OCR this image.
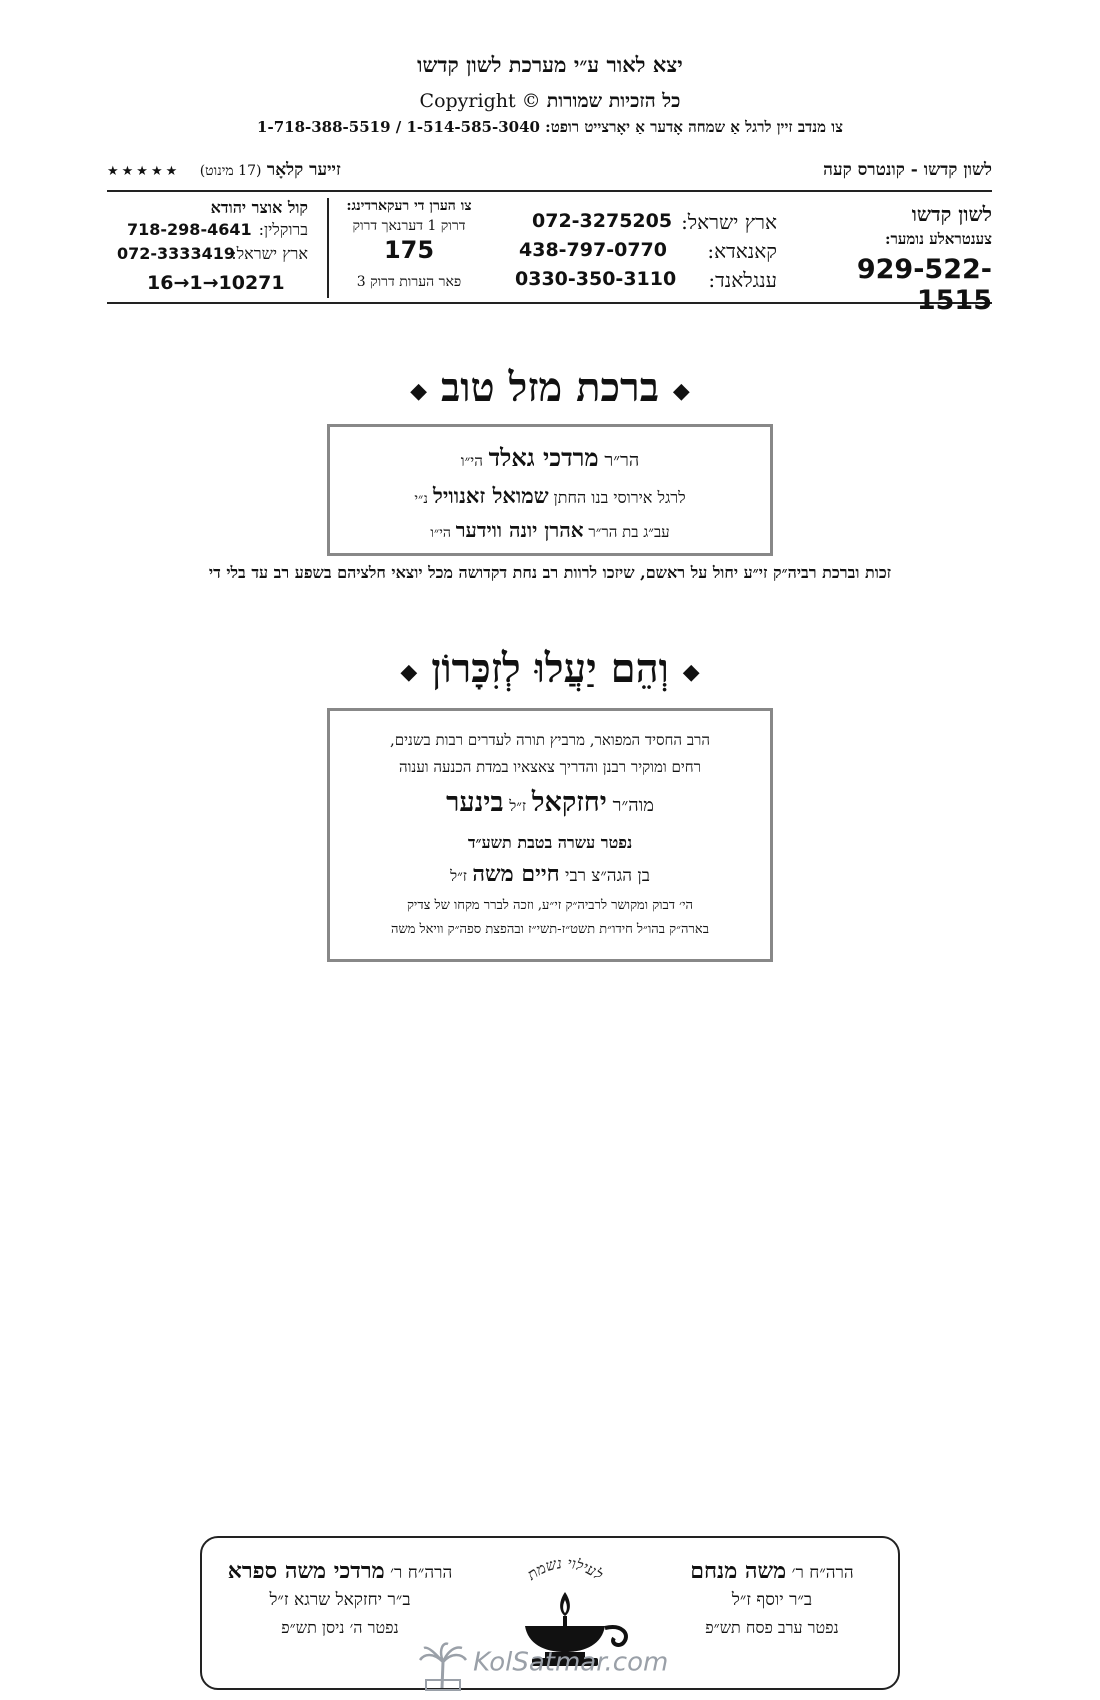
יצא לאור ע״י מערכת לשון קדשו
Copyright © כל הזכיות שמורות
צו מנדב זיין לרגל אַ שמחה אָדער אַ יאָרצייט רופט: 1-514-585-3040 / 1-718-388-5519
לשון קדשו - קונטרס קעה
זייער קלאָר (17 מינוט) ★★★★★
לשון קדשו
צענטראלע נומער:
929-522-1515
ארץ ישראל:
072-3275205
קאנאדא:
438-797-0770
ענגלאנד:
0330-350-3110
צו הערן די רעקארדינג:
דרוק 1 דערנאך דרוק
175
פאר הערות דרוק 3
קול אוצר יהודא
ברוקלין:
718-298-4641
ארץ ישראל:
072-3333419
16→1→10271
◆ ברכת מזל טוב ◆
הר״ר מרדכי גאלד הי״ו
לרגל אירוסי בנו החתן שמואל זאנוויל נ״י
עב״ג בת הר״ר אהרן יונה ווידער הי״ו
זכות וברכת רביה״ק זי״ע יחול על ראשם, שיזכו לרוות רב נחת דקדושה מכל יוצאי חלציהם בשפע רב עד בלי די
◆ וְהֵם יַעֲלוּ לְזִכָּרוֹן ◆
הרב החסיד המפואר, מרביץ תורה לעדרים רבות בשנים,
רחים ומוקיר רבנן והדריך צאצאיו במדת הכנעה וענוה
מוה״ר יחזקאל ז״ל בינער
נפטר עשרה בטבת תשע״ד
בן הגה״צ רבי חיים משה ז״ל
הי׳ דבוק ומקושר לרביה״ק זי״ע, וזכה לברר מקחו של צדיק
בארה״ק בהו״ל חידו״ת תשט״ז-תשי״ז ובהפצת ספה״ק וויאל משה
הרה״ח ר׳ משה מנחם
ב״ר יוסף ז״ל
נפטר ערב פסח תש״פ
לעילוי נשמת
הרה״ח ר׳ מרדכי משה ספרא
ב״ר יחזקאל שרגא ז״ל
נפטר ה׳ ניסן תש״פ
KolSatmar.com
